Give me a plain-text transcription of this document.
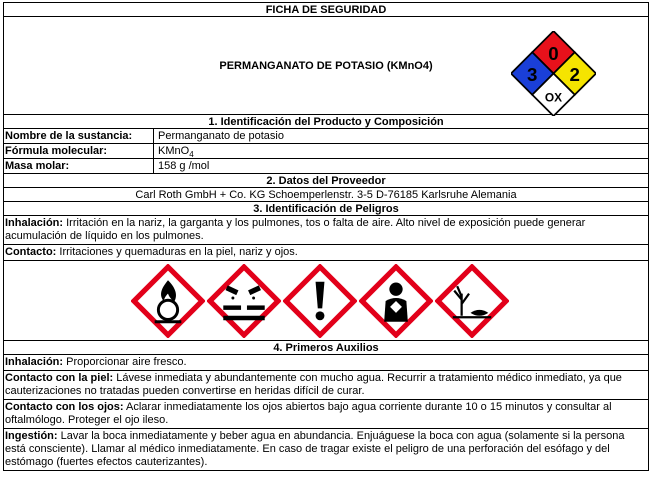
FICHA DE SEGURIDAD
PERMANGANATO DE POTASIO (KMnO4)
0
3 2
OX
1. Identificación del Producto y Composición
Nombre de la sustancia:	Permanganato de potasio
Fórmula molecular:	KMnO$_4$
Masa molar:	158 g /mol
2. Datos del Proveedor
Carl Roth GmbH + Co. KG Schoemperlenstr. 3-5 D-76185 Karlsruhe Alemania
3. Identificación de Peligros
Inhalación: Irritación en la nariz, la garganta y los pulmones, tos o falta de aire. Alto nivel de exposición puede generar acumulación de líquido en los pulmones.
Contacto: Irritaciones y quemaduras en la piel, nariz y ojos.
4. Primeros Auxilios
Inhalación: Proporcionar aire fresco.
Contacto con la piel: Lávese inmediata y abundantemente con mucho agua. Recurrir a tratamiento médico inmediato, ya que cauterizaciones no tratadas pueden convertirse en heridas difícil de curar.
Contacto con los ojos: Aclarar inmediatamente los ojos abiertos bajo agua corriente durante 10 o 15 minutos y consultar al oftalmólogo. Proteger el ojo ileso.
Ingestión: Lavar la boca inmediatamente y beber agua en abundancia. Enjuáguese la boca con agua (solamente si la persona está consciente). Llamar al médico inmediatamente. En caso de tragar existe el peligro de una perforación del esófago y del estómago (fuertes efectos cauterizantes).
